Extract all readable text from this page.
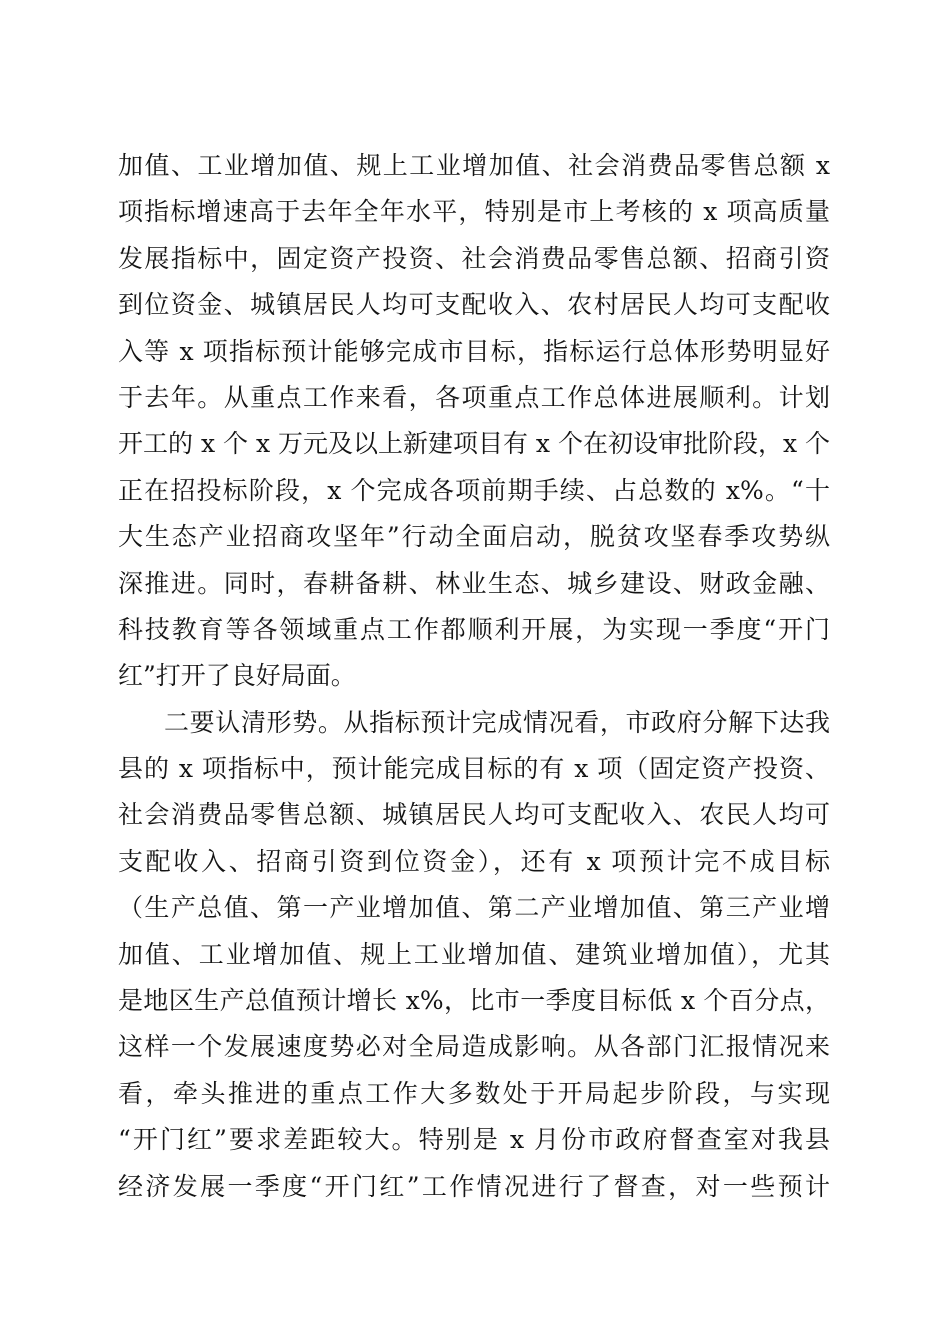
加值、工业增加值、规上工业增加值、社会消费品零售总额 x
项指标增速高于去年全年水平，特别是市上考核的 x 项高质量
发展指标中，固定资产投资、社会消费品零售总额、招商引资
到位资金、城镇居民人均可支配收入、农村居民人均可支配收
入等 x 项指标预计能够完成市目标，指标运行总体形势明显好
于去年。从重点工作来看，各项重点工作总体进展顺利。计划
开工的 x 个 x 万元及以上新建项目有 x 个在初设审批阶段，x 个
正在招投标阶段，x 个完成各项前期手续、占总数的 x%。“十
大生态产业招商攻坚年”行动全面启动，脱贫攻坚春季攻势纵
深推进。同时，春耕备耕、林业生态、城乡建设、财政金融、
科技教育等各领域重点工作都顺利开展，为实现一季度“开门
红”打开了良好局面。
二要认清形势。从指标预计完成情况看，市政府分解下达我
县的 x 项指标中，预计能完成目标的有 x 项（固定资产投资、
社会消费品零售总额、城镇居民人均可支配收入、农民人均可
支配收入、招商引资到位资金），还有 x 项预计完不成目标
（生产总值、第一产业增加值、第二产业增加值、第三产业增
加值、工业增加值、规上工业增加值、建筑业增加值），尤其
是地区生产总值预计增长 x%，比市一季度目标低 x 个百分点，
这样一个发展速度势必对全局造成影响。从各部门汇报情况来
看，牵头推进的重点工作大多数处于开局起步阶段，与实现
“开门红”要求差距较大。特别是 x 月份市政府督查室对我县
经济发展一季度“开门红”工作情况进行了督查，对一些预计
